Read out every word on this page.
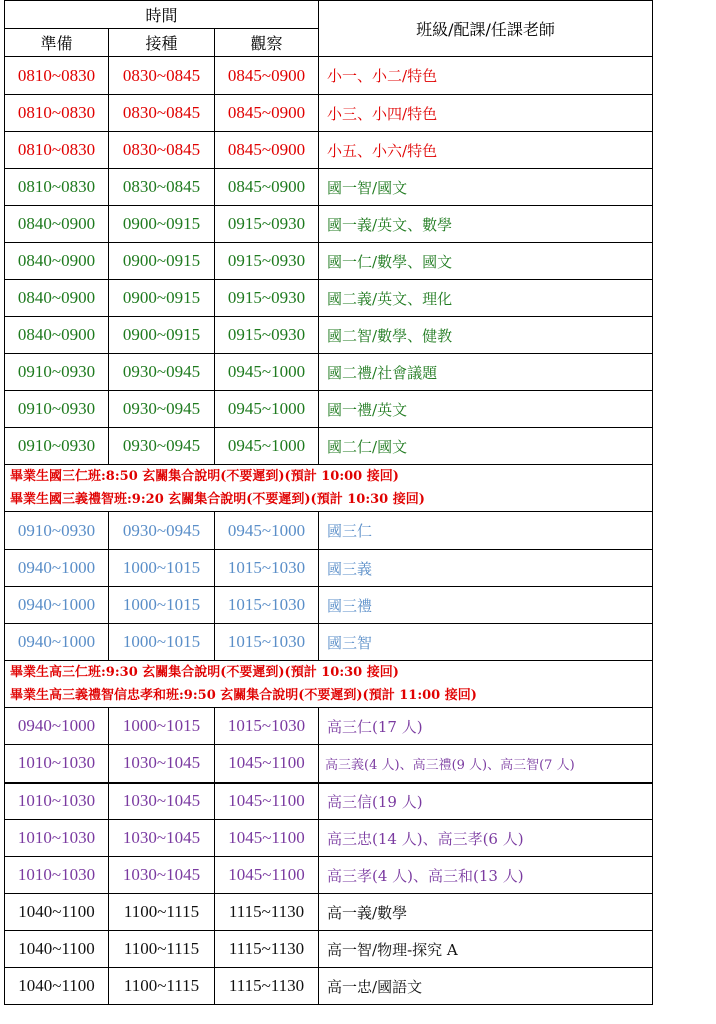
時間			班級/配課/任課老師
準備	接種	觀察	
0810~0830	0830~0845	0845~0900	小一、小二/特色
0810~0830	0830~0845	0845~0900	小三、小四/特色
0810~0830	0830~0845	0845~0900	小五、小六/特色
0810~0830	0830~0845	0845~0900	國一智/國文
0840~0900	0900~0915	0915~0930	國一義/英文、數學
0840~0900	0900~0915	0915~0930	國一仁/數學、國文
0840~0900	0900~0915	0915~0930	國二義/英文、理化
0840~0900	0900~0915	0915~0930	國二智/數學、健教
0910~0930	0930~0945	0945~1000	國二禮/社會議題
0910~0930	0930~0945	0945~1000	國一禮/英文
0910~0930	0930~0945	0945~1000	國二仁/國文

畢業生國三仁班:8:50 玄關集合說明(不要遲到)(預計 10:00 接回)
畢業生國三義禮智班:9:20 玄關集合說明(不要遲到)(預計 10:30 接回)			

0910~0930	0930~0945	0945~1000	國三仁
0940~1000	1000~1015	1015~1030	國三義
0940~1000	1000~1015	1015~1030	國三禮
0940~1000	1000~1015	1015~1030	國三智

畢業生高三仁班:9:30 玄關集合說明(不要遲到)(預計 10:30 接回)
畢業生高三義禮智信忠孝和班:9:50 玄關集合說明(不要遲到)(預計 11:00 接回)			

0940~1000	1000~1015	1015~1030	高三仁(17 人)
1010~1030	1030~1045	1045~1100	高三義(4 人)、高三禮(9 人)、高三智(7 人)
1010~1030	1030~1045	1045~1100	高三信(19 人)
1010~1030	1030~1045	1045~1100	高三忠(14 人)、高三孝(6 人)
1010~1030	1030~1045	1045~1100	高三孝(4 人)、高三和(13 人)
1040~1100	1100~1115	1115~1130	高一義/數學
1040~1100	1100~1115	1115~1130	高一智/物理-探究 A
1040~1100	1100~1115	1115~1130	高一忠/國語文
